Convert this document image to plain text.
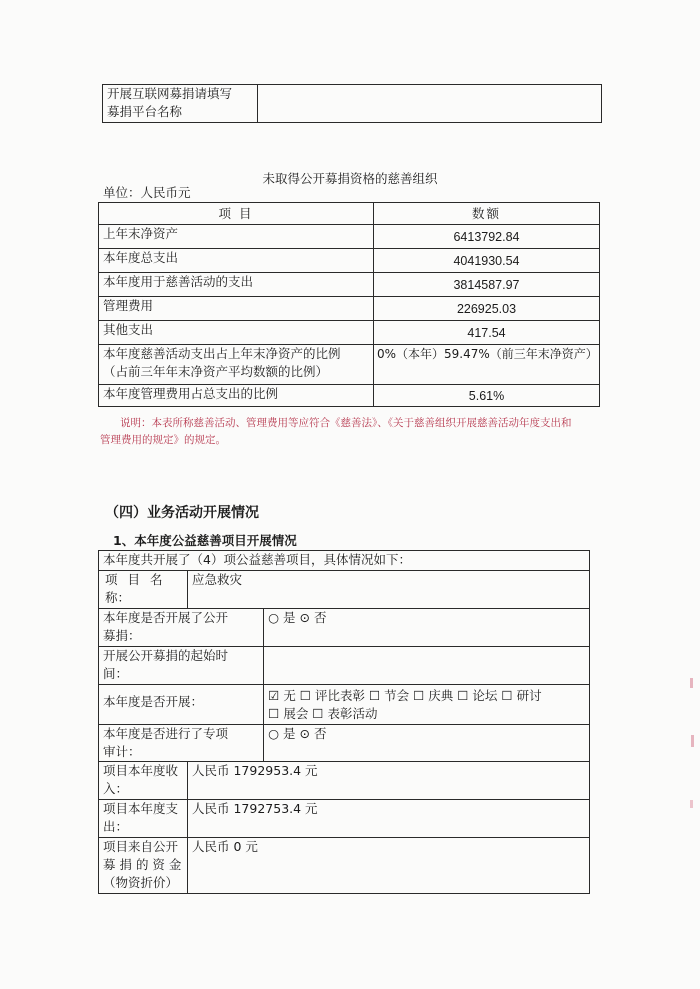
开展互联网募捐请填写
募捐平台名称

未取得公开募捐资格的慈善组织
单位：人民币元
项 目	数额
上年末净资产	6413792.84
本年度总支出	4041930.54
本年度用于慈善活动的支出	3814587.97
管理费用	226925.03
其他支出	417.54

本年度慈善活动支出占上年末净资产的比例
（占前三年年末净资产平均数额的比例）	0%（本年）59.47%（前三年末净资产）
本年度管理费用占总支出的比例	5.61%
说明：本表所称慈善活动、管理费用等应符合《慈善法》、《关于慈善组织开展慈善活动年度支出和
管理费用的规定》的规定。
（四）业务活动开展情况
1、本年度公益慈善项目开展情况
本年度共开展了（4）项公益慈善项目，具体情况如下：		

项 目 名
称：	应急救灾	

本年度是否开展了公开
募捐：		○ 是 ⊙ 否

开展公开募捐的起始时
间：		

本年度是否开展：		☑ 无 ☐ 评比表彰 ☐ 节会 ☐ 庆典 ☐ 论坛 ☐ 研讨
☐ 展会 ☐ 表彰活动

本年度是否进行了专项
审计：		○ 是 ⊙ 否

项目本年度收
入：	人民币 1792953.4 元	

项目本年度支
出：	人民币 1792753.4 元	

项目来自公开
募 捐 的 资 金
（物资折价）	人民币 0 元	
